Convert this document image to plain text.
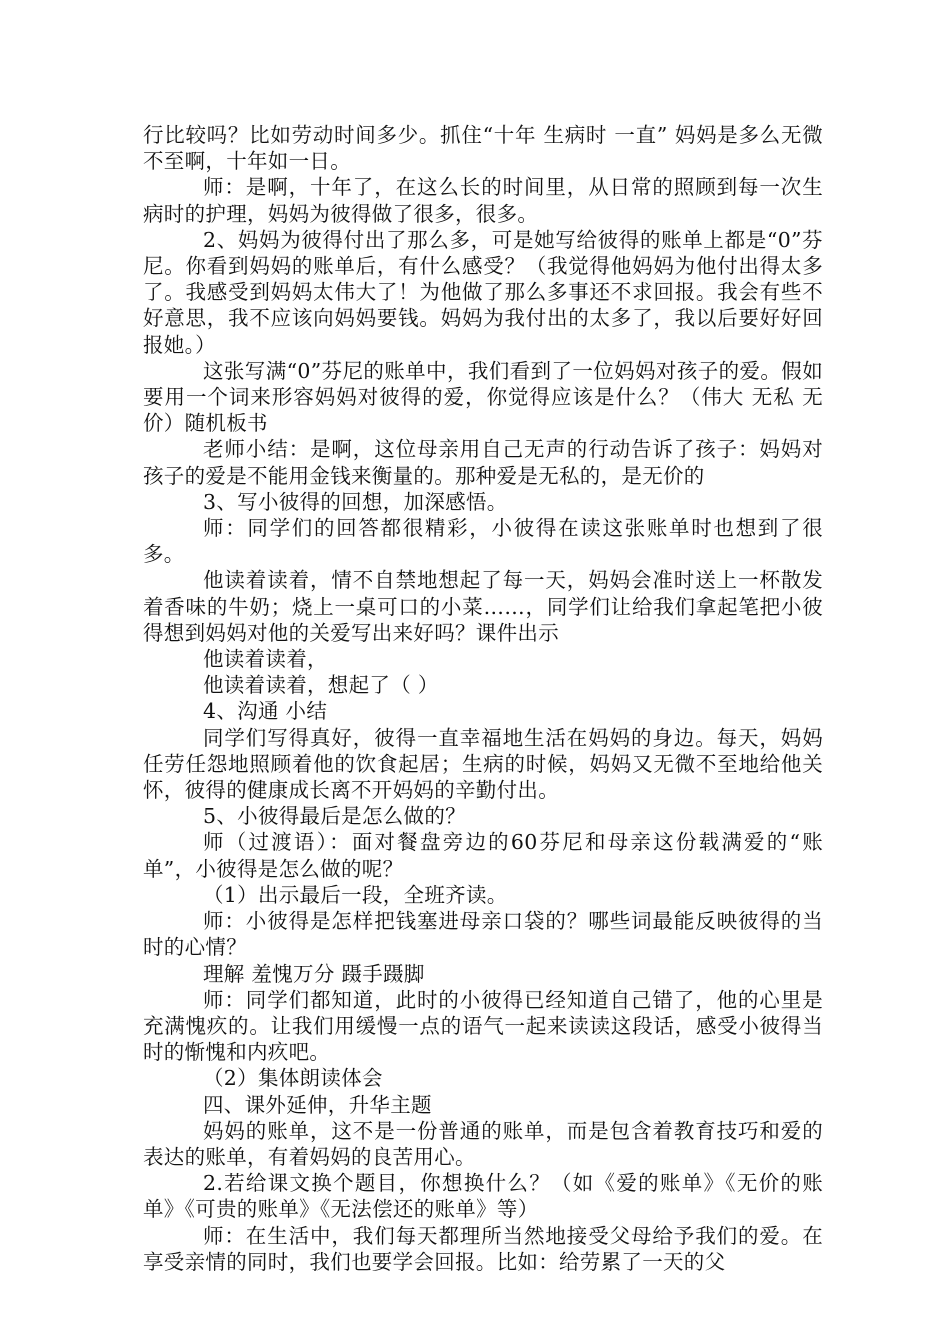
行比较吗？比如劳动时间多少。抓住“十年 生病时 一直” 妈妈是多么无微不至啊，十年如一日。

师：是啊，十年了，在这么长的时间里，从日常的照顾到每一次生病时的护理，妈妈为彼得做了很多，很多。

2、妈妈为彼得付出了那么多，可是她写给彼得的账单上都是“0”芬尼。你看到妈妈的账单后，有什么感受？（我觉得他妈妈为他付出得太多了。我感受到妈妈太伟大了！为他做了那么多事还不求回报。我会有些不好意思，我不应该向妈妈要钱。妈妈为我付出的太多了，我以后要好好回报她。）

这张写满“0”芬尼的账单中，我们看到了一位妈妈对孩子的爱。假如要用一个词来形容妈妈对彼得的爱，你觉得应该是什么？（伟大 无私 无价）随机板书

老师小结：是啊，这位母亲用自己无声的行动告诉了孩子：妈妈对孩子的爱是不能用金钱来衡量的。那种爱是无私的，是无价的

3、写小彼得的回想，加深感悟。

师：同学们的回答都很精彩，小彼得在读这张账单时也想到了很多。

他读着读着，情不自禁地想起了每一天，妈妈会准时送上一杯散发着香味的牛奶；烧上一桌可口的小菜……，同学们让给我们拿起笔把小彼得想到妈妈对他的关爱写出来好吗？课件出示

他读着读着，

他读着读着，想起了（ ）

4、沟通 小结

同学们写得真好，彼得一直幸福地生活在妈妈的身边。每天，妈妈任劳任怨地照顾着他的饮食起居；生病的时候，妈妈又无微不至地给他关怀，彼得的健康成长离不开妈妈的辛勤付出。

5、小彼得最后是怎么做的？

师（过渡语）：面对餐盘旁边的60芬尼和母亲这份载满爱的“账单”，小彼得是怎么做的呢？

（1）出示最后一段，全班齐读。

师：小彼得是怎样把钱塞进母亲口袋的？哪些词最能反映彼得的当时的心情？

理解 羞愧万分 蹑手蹑脚

师：同学们都知道，此时的小彼得已经知道自己错了，他的心里是充满愧疚的。让我们用缓慢一点的语气一起来读读这段话，感受小彼得当时的惭愧和内疚吧。

（2）集体朗读体会

四、课外延伸，升华主题

妈妈的账单，这不是一份普通的账单，而是包含着教育技巧和爱的表达的账单，有着妈妈的良苦用心。

2.若给课文换个题目，你想换什么？（如《爱的账单》《无价的账单》《可贵的账单》《无法偿还的账单》等）

师：在生活中，我们每天都理所当然地接受父母给予我们的爱。在享受亲情的同时，我们也要学会回报。比如：给劳累了一天的父
